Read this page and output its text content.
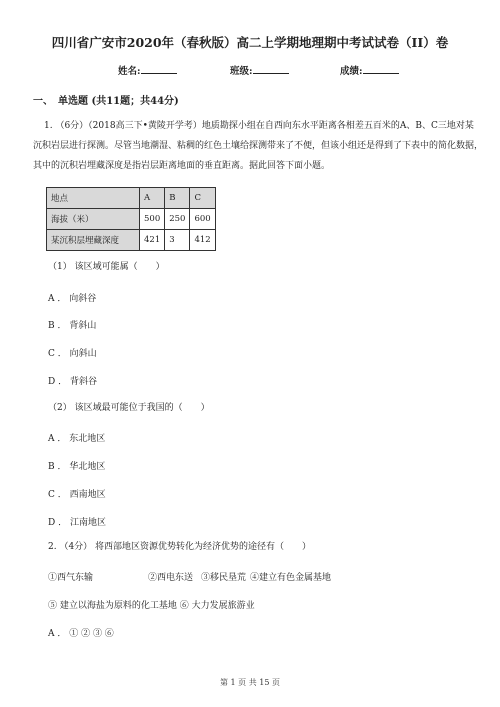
四川省广安市2020年（春秋版）高二上学期地理期中考试试卷（II）卷
姓名:	班级:	成绩:
一、　单选题 (共11题；共44分)
1. （6分）（2018高三下•黄陵开学考）地质勘探小组在自西向东水平距离各相差五百米的A、B、C三地对某
沉积岩层进行探测。尽管当地潮湿、粘稠的红色土壤给探测带来了不便，但该小组还是得到了下表中的简化数据，
其中的沉积岩埋藏深度是指岩层距离地面的垂直距离。据此回答下面小题。
地点	A	B	C
海拔（米）	500	250	600
某沉积层埋藏深度	421	3	412
（1） 该区域可能属（　　）
A ． 向斜谷
B ． 背斜山
C ． 向斜山
D ． 背斜谷
（2） 该区域最可能位于我国的（　　）
A ． 东北地区
B ． 华北地区
C ． 西南地区
D ． 江南地区
2. （4分） 将西部地区资源优势转化为经济优势的途径有（　　）
①西气东输	②西电东送 ③移民垦荒 ④建立有色金属基地
⑤ 建立以海盐为原料的化工基地 ⑥ 大力发展旅游业
A ． ① ② ③ ⑥
第 1 页 共 15 页
